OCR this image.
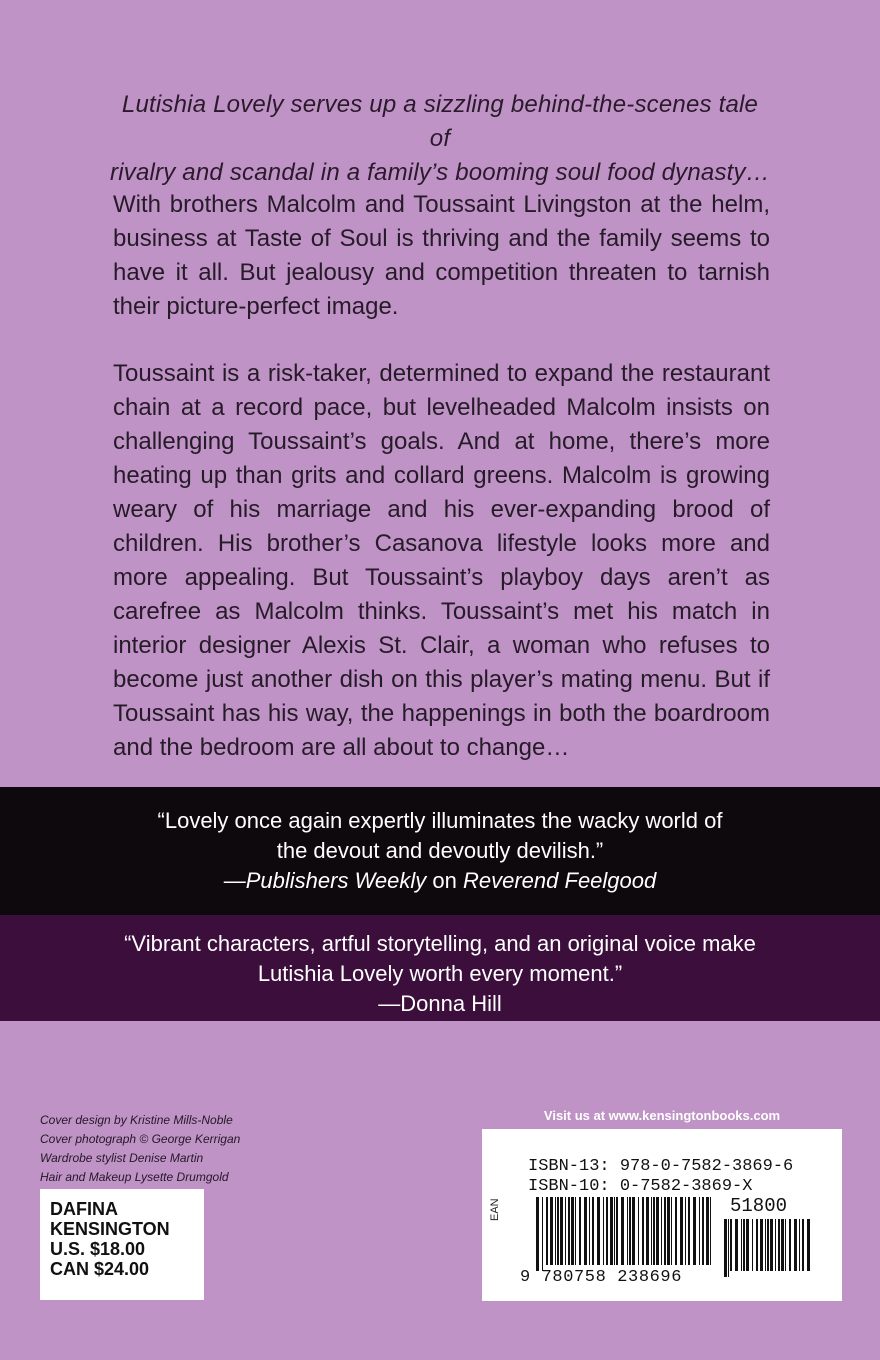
Lutishia Lovely serves up a sizzling behind-the-scenes tale of
rivalry and scandal in a family’s booming soul food dynasty…
With brothers Malcolm and Toussaint Livingston at the helm, business at Taste of Soul is thriving and the family seems to have it all. But jealousy and competition threaten to tarnish their picture-perfect image.
Toussaint is a risk-taker, determined to expand the restaurant chain at a record pace, but levelheaded Malcolm insists on challenging Toussaint’s goals. And at home, there’s more heating up than grits and collard greens. Malcolm is growing weary of his marriage and his ever-expanding brood of children. His brother’s Casanova lifestyle looks more and more appealing. But Toussaint’s playboy days aren’t as carefree as Malcolm thinks. Toussaint’s met his match in interior designer Alexis St. Clair, a woman who refuses to become just another dish on this player’s mating menu. But if Toussaint has his way, the happenings in both the boardroom and the bedroom are all about to change…
“Lovely once again expertly illuminates the wacky world of
the devout and devoutly devilish.”
—Publishers Weekly on Reverend Feelgood
“Vibrant characters, artful storytelling, and an original voice make
Lutishia Lovely worth every moment.”
—Donna Hill
Cover design by Kristine Mills-Noble
Cover photograph © George Kerrigan
Wardrobe stylist Denise Martin
Hair and Makeup Lysette Drumgold
DAFINA
KENSINGTON
U.S. $18.00
CAN $24.00
Visit us at www.kensingtonbooks.com
ISBN-13: 978-0-7582-3869-6
ISBN-10: 0-7582-3869-X
EAN	51800
9 780758 238696
